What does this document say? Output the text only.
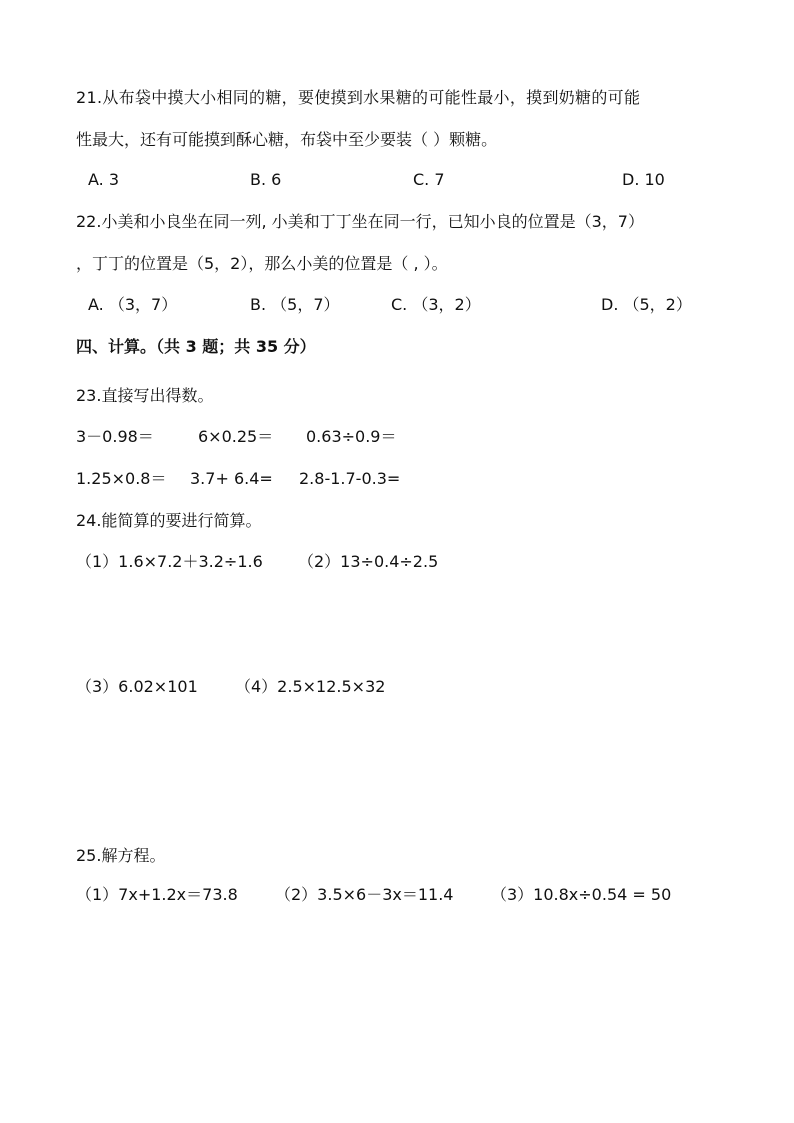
21.从布袋中摸大小相同的糖，要使摸到水果糖的可能性最小，摸到奶糖的可能
性最大，还有可能摸到酥心糖，布袋中至少要装（ ）颗糖。
A. 3	B. 6	C. 7	D. 10
22.小美和小良坐在同一列, 小美和丁丁坐在同一行，已知小良的位置是（3，7）
，丁丁的位置是（5，2），那么小美的位置是（ , ）。
A. （3，7）	B. （5，7）	C. （3，2）	D. （5，2）
四、计算。（共 3 题；共 35 分）
23.直接写出得数。
3－0.98＝	6×0.25＝ 0.63÷0.9＝
1.25×0.8＝ 3.7+ 6.4= 2.8-1.7-0.3=
24.能简算的要进行简算。
（1）1.6×7.2＋3.2÷1.6 （2）13÷0.4÷2.5
（3）6.02×101 （4）2.5×12.5×32
25.解方程。
（1）7x+1.2x＝73.8 （2）3.5×6－3x＝11.4 （3）10.8x÷0.54 = 50
